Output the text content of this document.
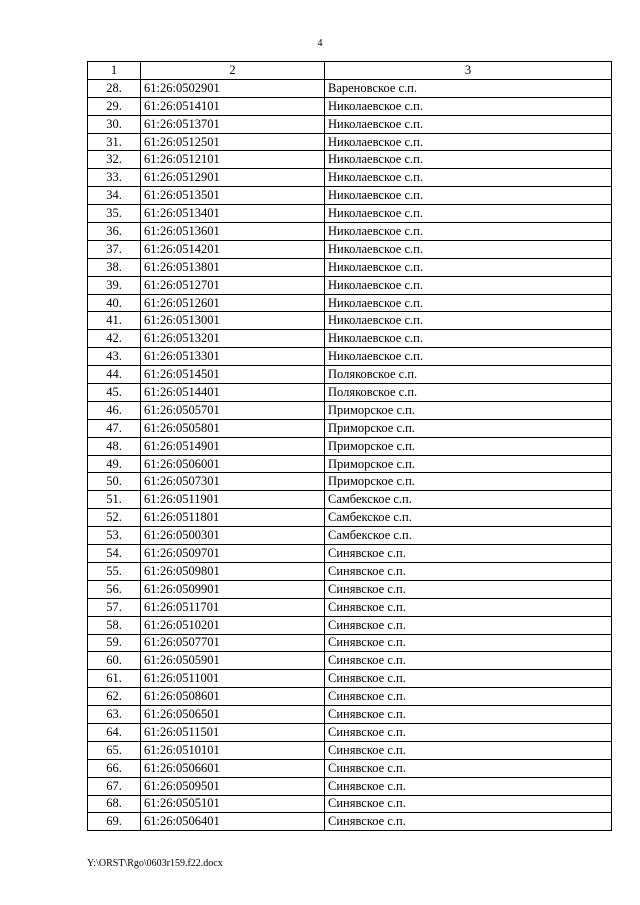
4
1	2	3
28.	61:26:0502901	Вареновское с.п.
29.	61:26:0514101	Николаевское с.п.
30.	61:26:0513701	Николаевское с.п.
31.	61:26:0512501	Николаевское с.п.
32.	61:26:0512101	Николаевское с.п.
33.	61:26:0512901	Николаевское с.п.
34.	61:26:0513501	Николаевское с.п.
35.	61:26:0513401	Николаевское с.п.
36.	61:26:0513601	Николаевское с.п.
37.	61:26:0514201	Николаевское с.п.
38.	61:26:0513801	Николаевское с.п.
39.	61:26:0512701	Николаевское с.п.
40.	61:26:0512601	Николаевское с.п.
41.	61:26:0513001	Николаевское с.п.
42.	61:26:0513201	Николаевское с.п.
43.	61:26:0513301	Николаевское с.п.
44.	61:26:0514501	Поляковское с.п.
45.	61:26:0514401	Поляковское с.п.
46.	61:26:0505701	Приморское с.п.
47.	61:26:0505801	Приморское с.п.
48.	61:26:0514901	Приморское с.п.
49.	61:26:0506001	Приморское с.п.
50.	61:26:0507301	Приморское с.п.
51.	61:26:0511901	Самбекское с.п.
52.	61:26:0511801	Самбекское с.п.
53.	61:26:0500301	Самбекское с.п.
54.	61:26:0509701	Синявское с.п.
55.	61:26:0509801	Синявское с.п.
56.	61:26:0509901	Синявское с.п.
57.	61:26:0511701	Синявское с.п.
58.	61:26:0510201	Синявское с.п.
59.	61:26:0507701	Синявское с.п.
60.	61:26:0505901	Синявское с.п.
61.	61:26:0511001	Синявское с.п.
62.	61:26:0508601	Синявское с.п.
63.	61:26:0506501	Синявское с.п.
64.	61:26:0511501	Синявское с.п.
65.	61:26:0510101	Синявское с.п.
66.	61:26:0506601	Синявское с.п.
67.	61:26:0509501	Синявское с.п.
68.	61:26:0505101	Синявское с.п.
69.	61:26:0506401	Синявское с.п.
Y:\ORST\Rgo\0603r159.f22.docx
